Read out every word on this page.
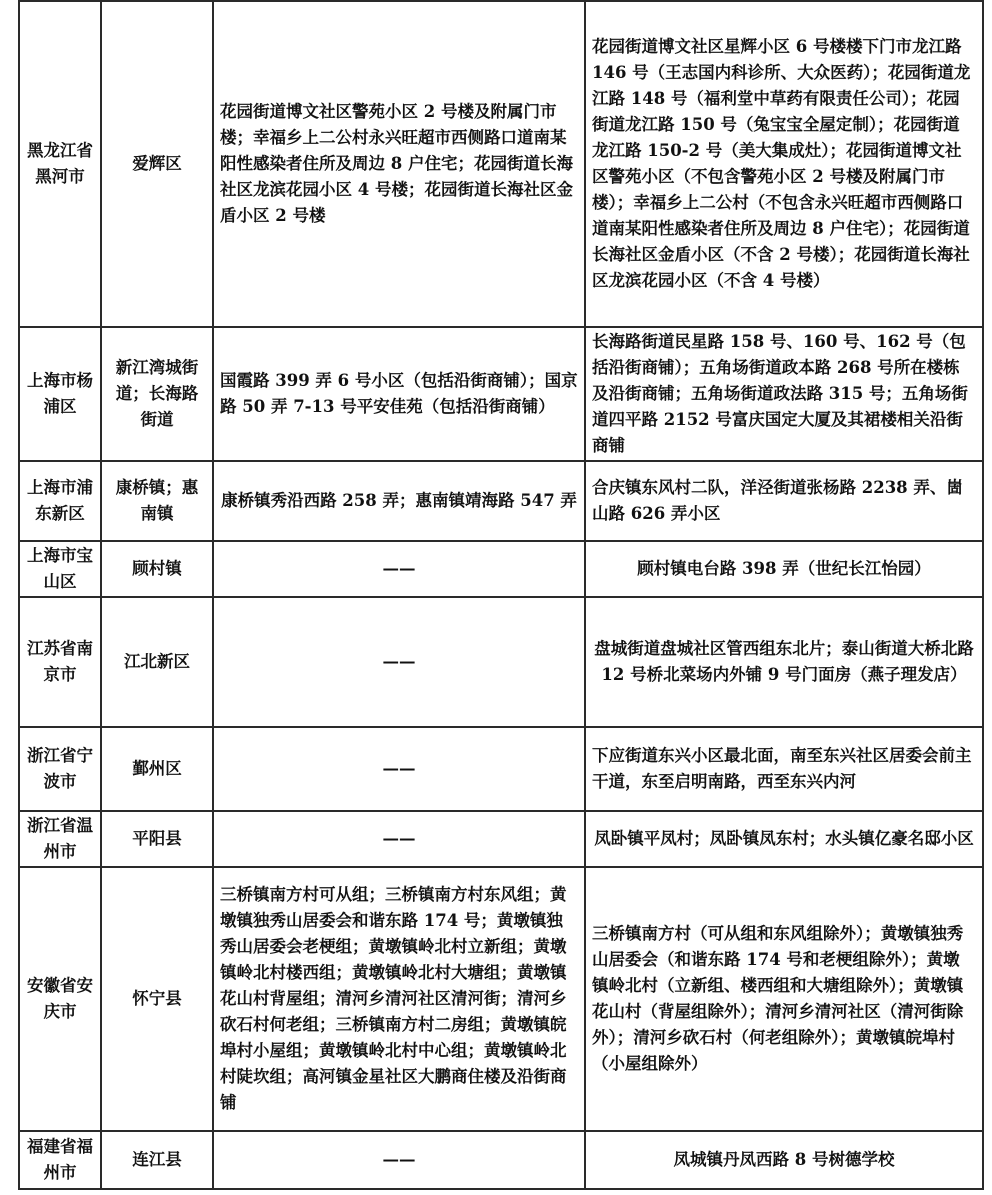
黑龙江省黑河市	爱辉区	花园街道博文社区警苑小区 2 号楼及附属门市楼；幸福乡上二公村永兴旺超市西侧路口道南某阳性感染者住所及周边 8 户住宅；花园街道长海社区龙滨花园小区 4 号楼；花园街道长海社区金盾小区 2 号楼	花园街道博文社区星辉小区 6 号楼楼下门市龙江路 146 号（王志国内科诊所、大众医药）；花园街道龙江路 148 号（福利堂中草药有限责任公司）；花园街道龙江路 150 号（兔宝宝全屋定制）；花园街道龙江路 150-2 号（美大集成灶）；花园街道博文社区警苑小区（不包含警苑小区 2 号楼及附属门市楼）；幸福乡上二公村（不包含永兴旺超市西侧路口道南某阳性感染者住所及周边 8 户住宅）；花园街道长海社区金盾小区（不含 2 号楼）；花园街道长海社区龙滨花园小区（不含 4 号楼）
上海市杨浦区	新江湾城街道；长海路街道	国霞路 399 弄 6 号小区（包括沿街商铺）；国京路 50 弄 7-13 号平安佳苑（包括沿街商铺）	长海路街道民星路 158 号、160 号、162 号（包括沿街商铺）；五角场街道政本路 268 号所在楼栋及沿街商铺；五角场街道政法路 315 号；五角场街道四平路 2152 号富庆国定大厦及其裙楼相关沿街商铺
上海市浦东新区	康桥镇；惠南镇	康桥镇秀沿西路 258 弄；惠南镇靖海路 547 弄	合庆镇东风村二队，洋泾街道张杨路 2238 弄、崮山路 626 弄小区
上海市宝山区	顾村镇	——	顾村镇电台路 398 弄（世纪长江怡园）
江苏省南京市	江北新区	——	盘城街道盘城社区管西组东北片；泰山街道大桥北路 12 号桥北菜场内外铺 9 号门面房（燕子理发店）
浙江省宁波市	鄞州区	——	下应街道东兴小区最北面，南至东兴社区居委会前主干道，东至启明南路，西至东兴内河
浙江省温州市	平阳县	——	凤卧镇平凤村；凤卧镇凤东村；水头镇亿豪名邸小区
安徽省安庆市	怀宁县	三桥镇南方村可从组；三桥镇南方村东风组；黄墩镇独秀山居委会和谐东路 174 号；黄墩镇独秀山居委会老梗组；黄墩镇岭北村立新组；黄墩镇岭北村楼西组；黄墩镇岭北村大塘组；黄墩镇花山村背屋组；清河乡清河社区清河街；清河乡砍石村何老组；三桥镇南方村二房组；黄墩镇皖埠村小屋组；黄墩镇岭北村中心组；黄墩镇岭北村陡坎组；高河镇金星社区大鹏商住楼及沿街商铺	三桥镇南方村（可从组和东风组除外）；黄墩镇独秀山居委会（和谐东路 174 号和老梗组除外）；黄墩镇岭北村（立新组、楼西组和大塘组除外）；黄墩镇花山村（背屋组除外）；清河乡清河社区（清河街除外）；清河乡砍石村（何老组除外）；黄墩镇皖埠村（小屋组除外）
福建省福州市	连江县	——	凤城镇丹凤西路 8 号树德学校
